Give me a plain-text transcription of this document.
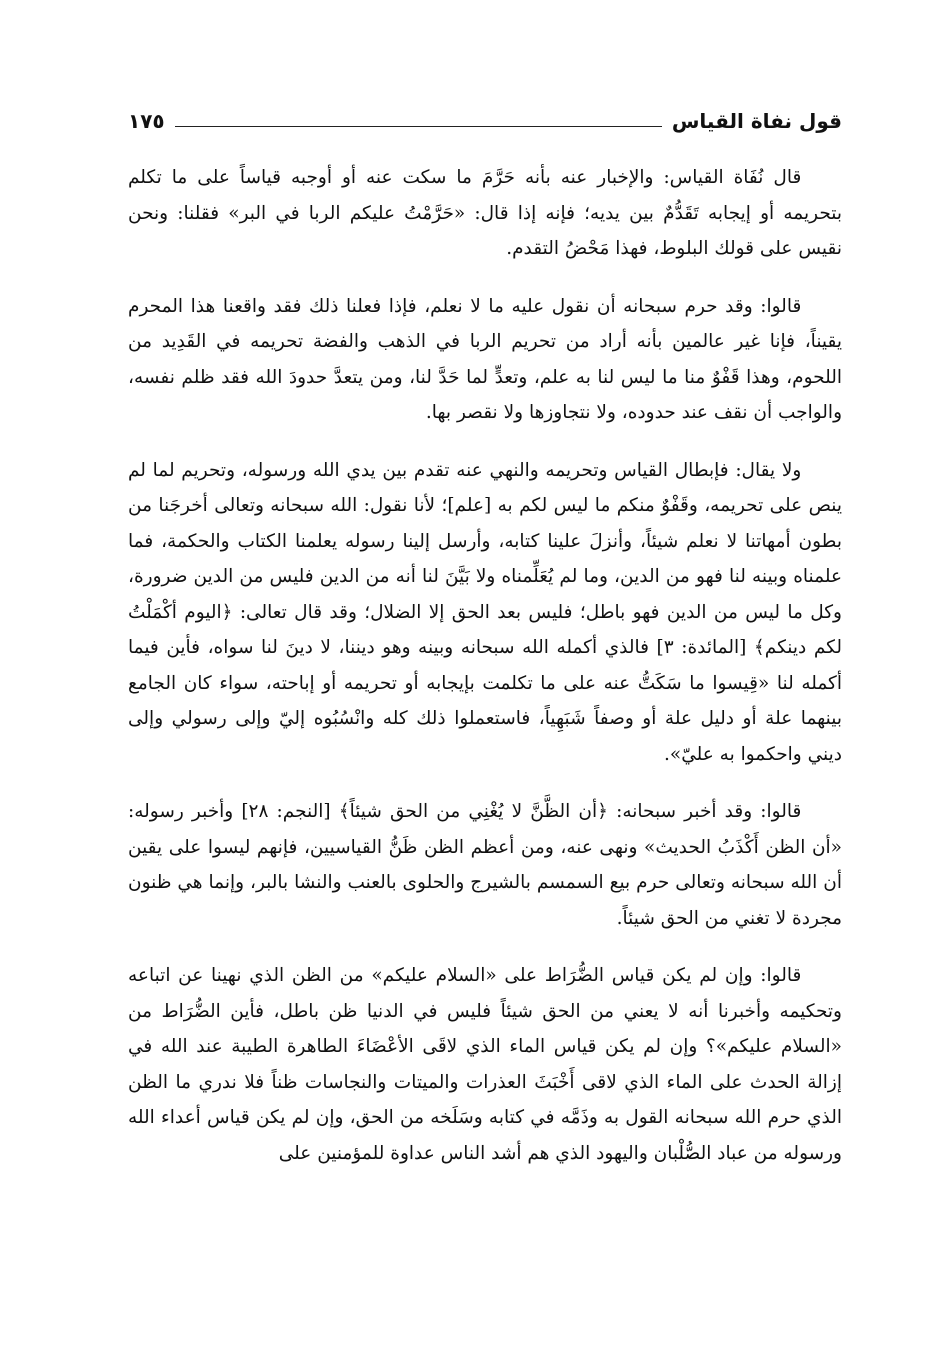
قول نفاة القياس
١٧٥

قال نُفَاة القياس: والإخبار عنه بأنه حَرَّمَ ما سكت عنه أو أوجبه قياساً على ما تكلم بتحريمه أو إيجابه تَقَدُّمٌ بين يديه؛ فإنه إذا قال: «حَرَّمْتُ عليكم الربا في البر» فقلنا: ونحن نقيس على قولك البلوط، فهذا مَحْضُ التقدم.

قالوا: وقد حرم سبحانه أن نقول عليه ما لا نعلم، فإذا فعلنا ذلك فقد واقعنا هذا المحرم يقيناً، فإنا غير عالمين بأنه أراد من تحريم الربا في الذهب والفضة تحريمه في القَدِيد من اللحوم، وهذا قَفْوٌ منا ما ليس لنا به علم، وتعدٍّ لما حَدَّ لنا، ومن يتعدَّ حدودَ الله فقد ظلم نفسه، والواجب أن نقف عند حدوده، ولا نتجاوزها ولا نقصر بها.

ولا يقال: فإبطال القياس وتحريمه والنهي عنه تقدم بين يدي الله ورسوله، وتحريم لما لم ينص على تحريمه، وقَفْوٌ منكم ما ليس لكم به [علم]؛ لأنا نقول: الله سبحانه وتعالى أخرجَنا من بطون أمهاتنا لا نعلم شيئاً، وأنزلَ علينا كتابه، وأرسل إلينا رسوله يعلمنا الكتاب والحكمة، فما علمناه وبينه لنا فهو من الدين، وما لم يُعَلِّمناه ولا بَيَّنَ لنا أنه من الدين فليس من الدين ضرورة، وكل ما ليس من الدين فهو باطل؛ فليس بعد الحق إلا الضلال؛ وقد قال تعالى: ﴿اليوم أكْمَلْتُ لكم دينكم﴾ [المائدة: ٣] فالذي أكمله الله سبحانه وبينه وهو ديننا، لا دينَ لنا سواه، فأين فيما أكمله لنا «قِيسوا ما سَكَتُّ عنه على ما تكلمت بإيجابه أو تحريمه أو إباحته، سواء كان الجامع بينهما علة أو دليل علة أو وصفاً شَبَهِياً، فاستعملوا ذلك كله وانْسُبُوه إليّ وإلى رسولي وإلى ديني واحكموا به عليّ».

قالوا: وقد أخبر سبحانه: ﴿أن الظَّنَّ لا يُغْنِي من الحق شيئاً﴾ [النجم: ٢٨] وأخبر رسوله: «أن الظن أَكْذَبُ الحديث» ونهى عنه، ومن أعظم الظن ظَنُّ القياسيين، فإنهم ليسوا على يقين أن الله سبحانه وتعالى حرم بيع السمسم بالشيرج والحلوى بالعنب والنشا بالبر، وإنما هي ظنون مجردة لا تغني من الحق شيئاً.

قالوا: وإن لم يكن قياس الضُّرَاط على «السلام عليكم» من الظن الذي نهينا عن اتباعه وتحكيمه وأخبرنا أنه لا يعني من الحق شيئاً فليس في الدنيا ظن باطل، فأين الضُّرَاط من «السلام عليكم»؟ وإن لم يكن قياس الماء الذي لاقَى الأعْضَاءَ الطاهرة الطيبة عند الله في إزالة الحدث على الماء الذي لاقى أَخْبَثَ العذرات والميتات والنجاسات ظناً فلا ندري ما الظن الذي حرم الله سبحانه القول به وذَمَّه في كتابه وسَلَخه من الحق، وإن لم يكن قياس أعداء الله ورسوله من عباد الصُّلْبان واليهود الذي هم أشد الناس عداوة للمؤمنين على
